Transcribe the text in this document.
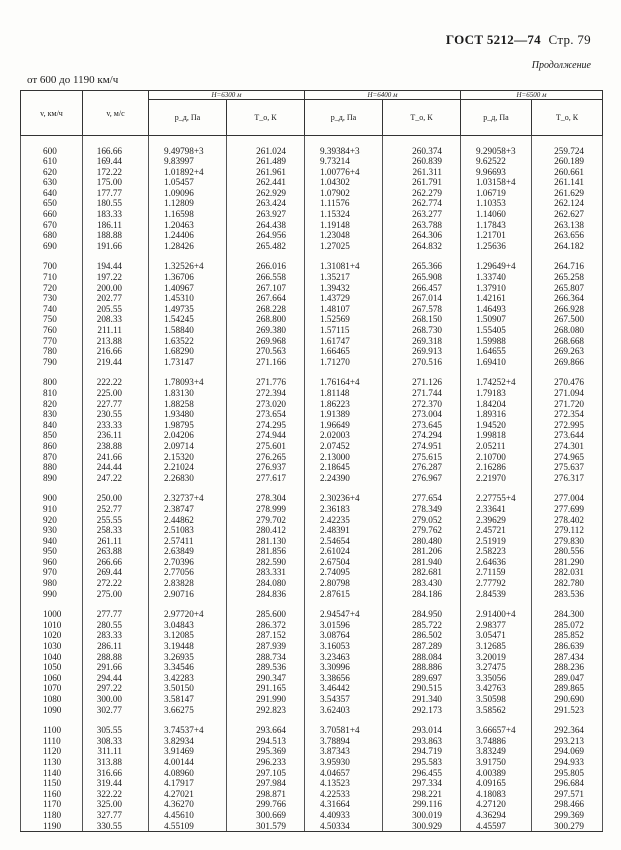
ГОСТ 5212—74 Стр. 79
Продолжение
от 600 до 1190 км/ч
v, км/ч	v, м/с	H=6300 м		H=6400 м		H=6500 м	
		p_д, Па	T_о, К	p_д, Па	T_о, К	p_д, Па	T_о, К

600	166.66	9.49798+3	261.024	9.39384+3	260.374	9.29058+3	259.724
610	169.44	9.83997	261.489	9.73214	260.839	9.62522	260.189
620	172.22	1.01892+4	261.961	1.00776+4	261.311	9.96693	260.661
630	175.00	1.05457	262.441	1.04302	261.791	1.03158+4	261.141
640	177.77	1.09096	262.929	1.07902	262.279	1.06719	261.629
650	180.55	1.12809	263.424	1.11576	262.774	1.10353	262.124
660	183.33	1.16598	263.927	1.15324	263.277	1.14060	262.627
670	186.11	1.20463	264.438	1.19148	263.788	1.17843	263.138
680	188.88	1.24406	264.956	1.23048	264.306	1.21701	263.656
690	191.66	1.28426	265.482	1.27025	264.832	1.25636	264.182

700	194.44	1.32526+4	266.016	1.31081+4	265.366	1.29649+4	264.716
710	197.22	1.36706	266.558	1.35217	265.908	1.33740	265.258
720	200.00	1.40967	267.107	1.39432	266.457	1.37910	265.807
730	202.77	1.45310	267.664	1.43729	267.014	1.42161	266.364
740	205.55	1.49735	268.228	1.48107	267.578	1.46493	266.928
750	208.33	1.54245	268.800	1.52569	268.150	1.50907	267.500
760	211.11	1.58840	269.380	1.57115	268.730	1.55405	268.080
770	213.88	1.63522	269.968	1.61747	269.318	1.59988	268.668
780	216.66	1.68290	270.563	1.66465	269.913	1.64655	269.263
790	219.44	1.73147	271.166	1.71270	270.516	1.69410	269.866

800	222.22	1.78093+4	271.776	1.76164+4	271.126	1.74252+4	270.476
810	225.00	1.83130	272.394	1.81148	271.744	1.79183	271.094
820	227.77	1.88258	273.020	1.86223	272.370	1.84204	271.720
830	230.55	1.93480	273.654	1.91389	273.004	1.89316	272.354
840	233.33	1.98795	274.295	1.96649	273.645	1.94520	272.995
850	236.11	2.04206	274.944	2.02003	274.294	1.99818	273.644
860	238.88	2.09714	275.601	2.07452	274.951	2.05211	274.301
870	241.66	2.15320	276.265	2.13000	275.615	2.10700	274.965
880	244.44	2.21024	276.937	2.18645	276.287	2.16286	275.637
890	247.22	2.26830	277.617	2.24390	276.967	2.21970	276.317

900	250.00	2.32737+4	278.304	2.30236+4	277.654	2.27755+4	277.004
910	252.77	2.38747	278.999	2.36183	278.349	2.33641	277.699
920	255.55	2.44862	279.702	2.42235	279.052	2.39629	278.402
930	258.33	2.51083	280.412	2.48391	279.762	2.45721	279.112
940	261.11	2.57411	281.130	2.54654	280.480	2.51919	279.830
950	263.88	2.63849	281.856	2.61024	281.206	2.58223	280.556
960	266.66	2.70396	282.590	2.67504	281.940	2.64636	281.290
970	269.44	2.77056	283.331	2.74095	282.681	2.71159	282.031
980	272.22	2.83828	284.080	2.80798	283.430	2.77792	282.780
990	275.00	2.90716	284.836	2.87615	284.186	2.84539	283.536

1000	277.77	2.97720+4	285.600	2.94547+4	284.950	2.91400+4	284.300
1010	280.55	3.04843	286.372	3.01596	285.722	2.98377	285.072
1020	283.33	3.12085	287.152	3.08764	286.502	3.05471	285.852
1030	286.11	3.19448	287.939	3.16053	287.289	3.12685	286.639
1040	288.88	3.26935	288.734	3.23463	288.084	3.20019	287.434
1050	291.66	3.34546	289.536	3.30996	288.886	3.27475	288.236
1060	294.44	3.42283	290.347	3.38656	289.697	3.35056	289.047
1070	297.22	3.50150	291.165	3.46442	290.515	3.42763	289.865
1080	300.00	3.58147	291.990	3.54357	291.340	3.50598	290.690
1090	302.77	3.66275	292.823	3.62403	292.173	3.58562	291.523

1100	305.55	3.74537+4	293.664	3.70581+4	293.014	3.66657+4	292.364
1110	308.33	3.82934	294.513	3.78894	293.863	3.74886	293.213
1120	311.11	3.91469	295.369	3.87343	294.719	3.83249	294.069
1130	313.88	4.00144	296.233	3.95930	295.583	3.91750	294.933
1140	316.66	4.08960	297.105	4.04657	296.455	4.00389	295.805
1150	319.44	4.17917	297.984	4.13523	297.334	4.09165	296.684
1160	322.22	4.27021	298.871	4.22533	298.221	4.18083	297.571
1170	325.00	4.36270	299.766	4.31664	299.116	4.27120	298.466
1180	327.77	4.45610	300.669	4.40933	300.019	4.36294	299.369
1190	330.55	4.55109	301.579	4.50334	300.929	4.45597	300.279
